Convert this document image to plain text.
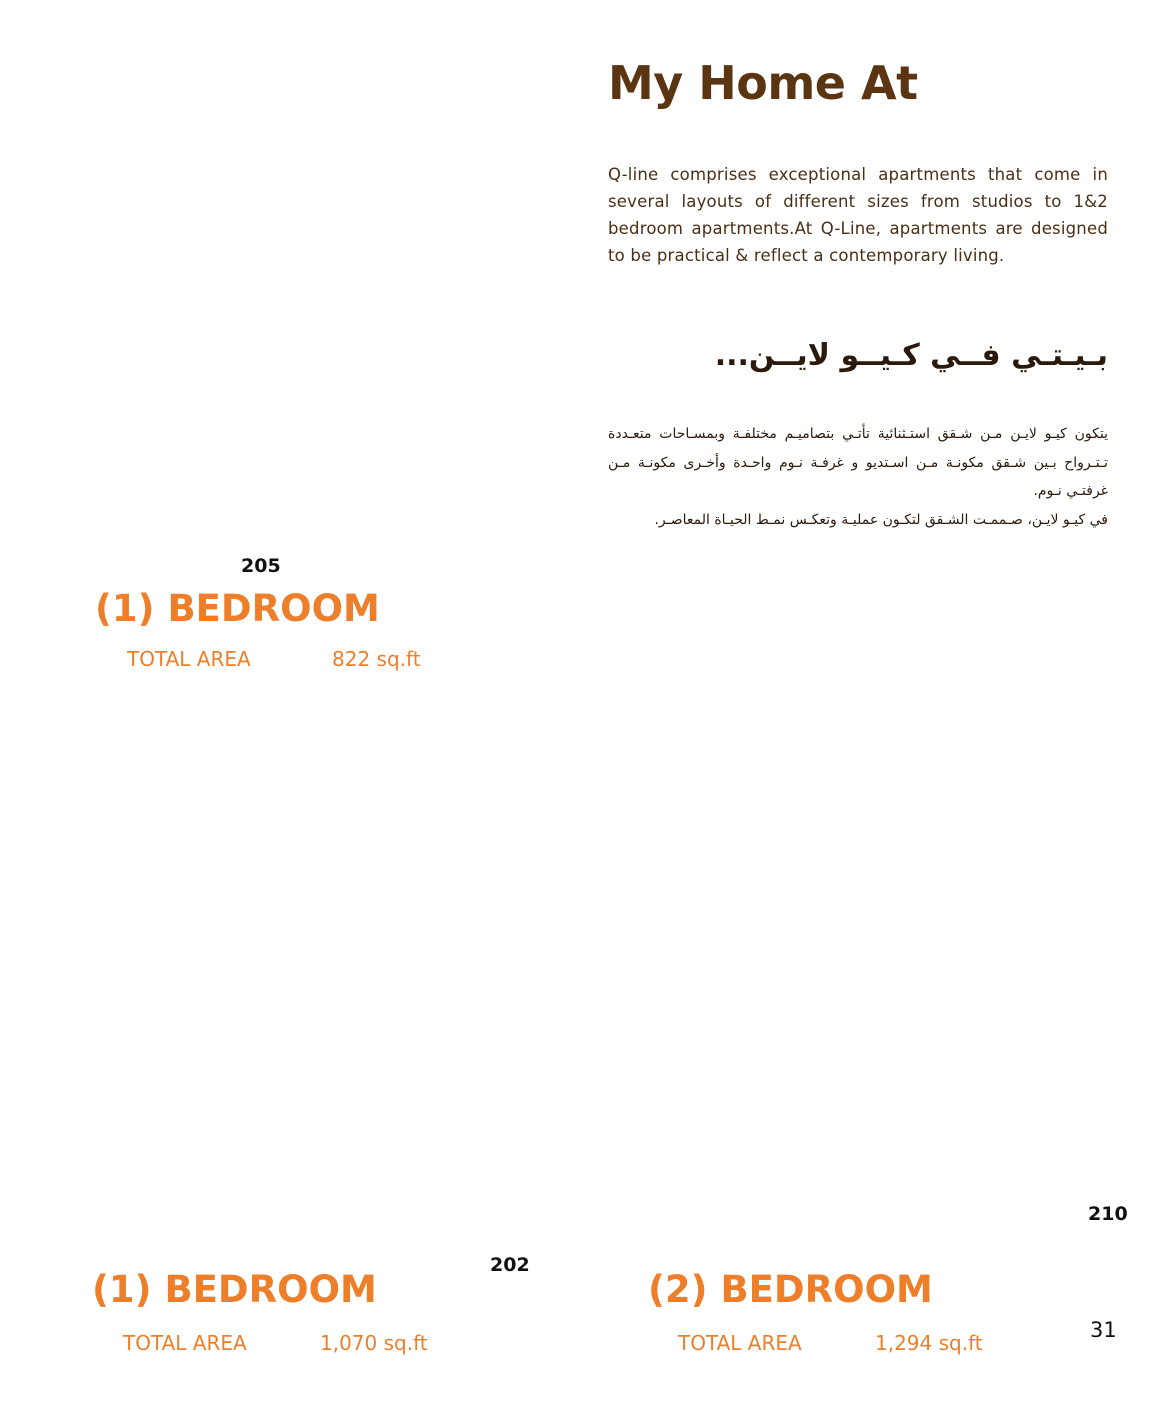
My Home At

Q-line comprises exceptional apartments that come in several layouts of different sizes from studios to 1&2 bedroom apartments.At Q-Line, apartments are designed to be practical & reflect a contemporary living.

بـيـتـي فــي كـيــو لايــن...

يتكون كيـو لايـن مـن شـقق استـثنائية تأتـي بتصاميـم مختلفـة وبمسـاحات متعـددة تـتـرواح بـين شـقق مكونـة مـن اسـتديو و غرفـة نـوم واحـدة وأخـرى مكونـة مـن غرفتـي نـوم.

في كيـو لايـن، صـممـت الشـقق لتكـون عمليـة وتعكـس نمـط الحيـاة المعاصـر.

205
(1) BEDROOM
TOTAL AREA	822 sq.ft
202
(1) BEDROOM
TOTAL AREA	1,070 sq.ft
210
(2) BEDROOM
TOTAL AREA	1,294 sq.ft
31
